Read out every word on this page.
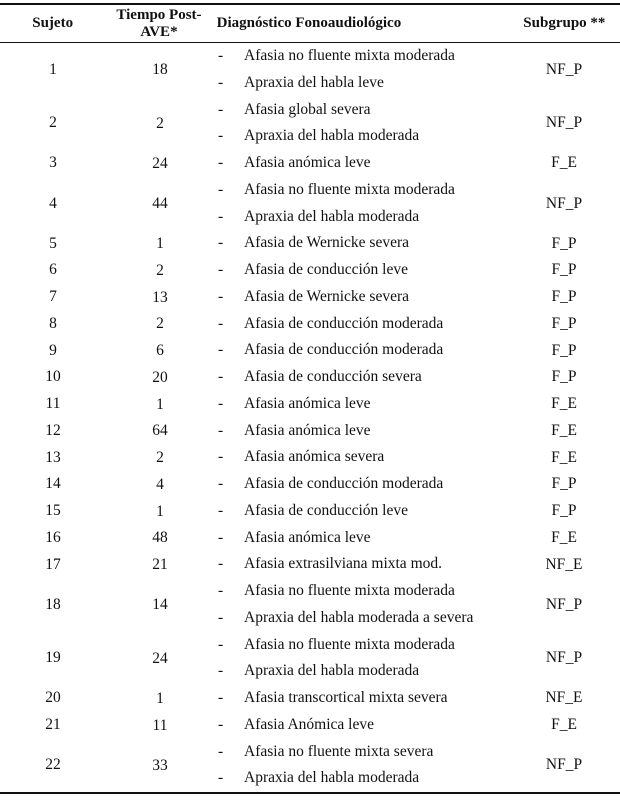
Sujeto
Tiempo Post-
AVE*
Diagnóstico Fonoaudiológico	Subgrupo **
1	18
-	Afasia no fluente mixta moderada
-	Apraxia del habla leve
NF_P
2	2
-	Afasia global severa
-	Apraxia del habla moderada
NF_P
3	24	-	Afasia anómica leve	F_E
4	44
-	Afasia no fluente mixta moderada
-	Apraxia del habla moderada
NF_P
5	1	-	Afasia de Wernicke severa	F_P
6	2	-	Afasia de conducción leve	F_P
7	13	-	Afasia de Wernicke severa	F_P
8	2	-	Afasia de conducción moderada	F_P
9	6	-	Afasia de conducción moderada	F_P
10	20	-	Afasia de conducción severa	F_P
11	1	-	Afasia anómica leve	F_E
12	64	-	Afasia anómica leve	F_E
13	2	-	Afasia anómica severa	F_E
14	4	-	Afasia de conducción moderada	F_P
15	1	-	Afasia de conducción leve	F_P
16	48	-	Afasia anómica leve	F_E
17	21	-	Afasia extrasilviana mixta mod.	NF_E
18	14
-	Afasia no fluente mixta moderada
-	Apraxia del habla moderada a severa
NF_P
19	24
-	Afasia no fluente mixta moderada
-	Apraxia del habla moderada
NF_P
20	1	-	Afasia transcortical mixta severa	NF_E
21	11	-	Afasia Anómica leve	F_E
22	33
-	Afasia no fluente mixta severa
-	Apraxia del habla moderada
NF_P
